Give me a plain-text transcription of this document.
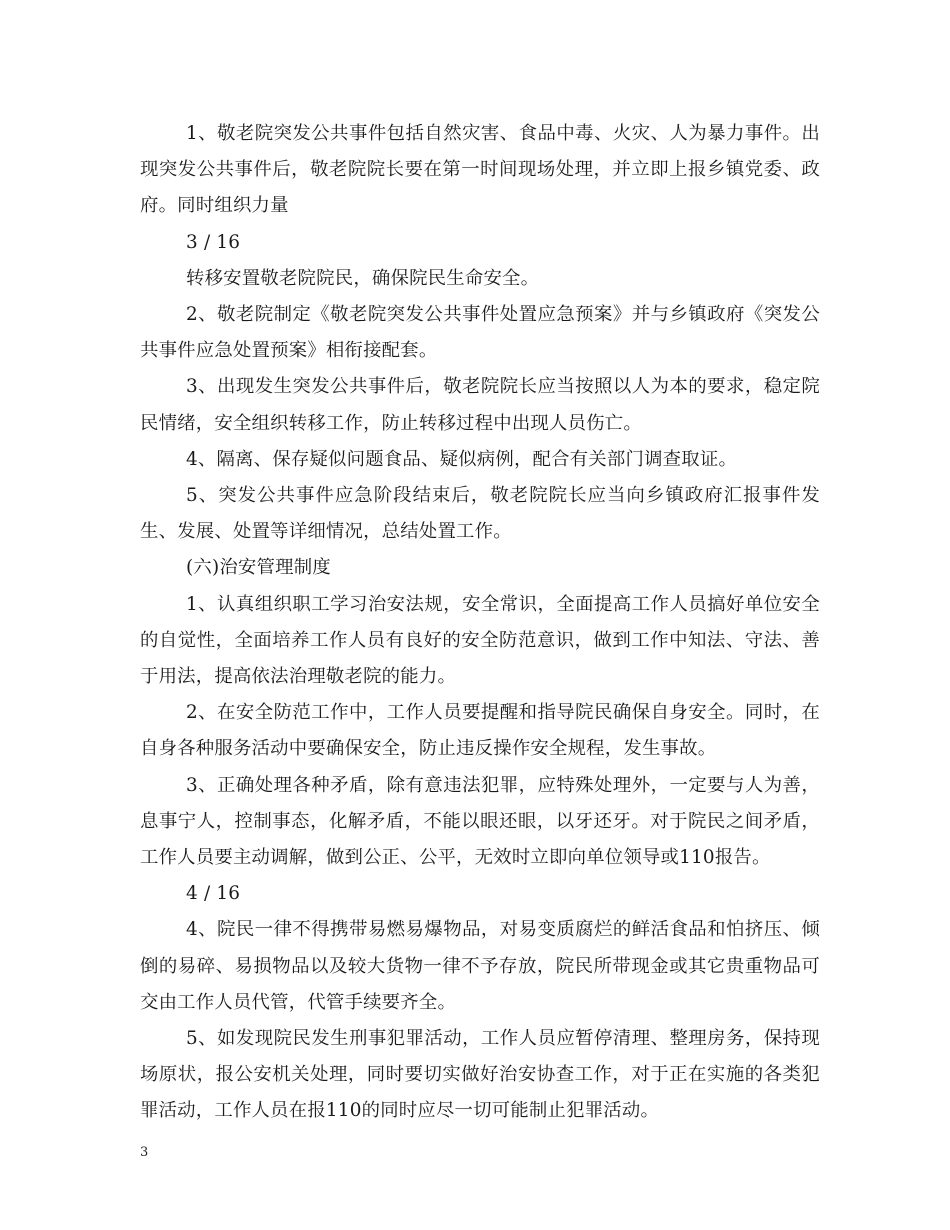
1、敬老院突发公共事件包括自然灾害、食品中毒、火灾、人为暴力事件。出现突发公共事件后，敬老院院长要在第一时间现场处理，并立即上报乡镇党委、政府。同时组织力量

3 / 16

转移安置敬老院院民，确保院民生命安全。

2、敬老院制定《敬老院突发公共事件处置应急预案》并与乡镇政府《突发公共事件应急处置预案》相衔接配套。

3、出现发生突发公共事件后，敬老院院长应当按照以人为本的要求，稳定院民情绪，安全组织转移工作，防止转移过程中出现人员伤亡。

4、隔离、保存疑似问题食品、疑似病例，配合有关部门调查取证。

5、突发公共事件应急阶段结束后，敬老院院长应当向乡镇政府汇报事件发生、发展、处置等详细情况，总结处置工作。

(六)治安管理制度

1、认真组织职工学习治安法规，安全常识，全面提高工作人员搞好单位安全的自觉性，全面培养工作人员有良好的安全防范意识，做到工作中知法、守法、善于用法，提高依法治理敬老院的能力。

2、在安全防范工作中，工作人员要提醒和指导院民确保自身安全。同时，在自身各种服务活动中要确保安全，防止违反操作安全规程，发生事故。

3、正确处理各种矛盾，除有意违法犯罪，应特殊处理外，一定要与人为善，息事宁人，控制事态，化解矛盾，不能以眼还眼，以牙还牙。对于院民之间矛盾，工作人员要主动调解，做到公正、公平，无效时立即向单位领导或110报告。

4 / 16

4、院民一律不得携带易燃易爆物品，对易变质腐烂的鲜活食品和怕挤压、倾倒的易碎、易损物品以及较大货物一律不予存放，院民所带现金或其它贵重物品可交由工作人员代管，代管手续要齐全。

5、如发现院民发生刑事犯罪活动，工作人员应暂停清理、整理房务，保持现场原状，报公安机关处理，同时要切实做好治安协查工作，对于正在实施的各类犯罪活动，工作人员在报110的同时应尽一切可能制止犯罪活动。

3
